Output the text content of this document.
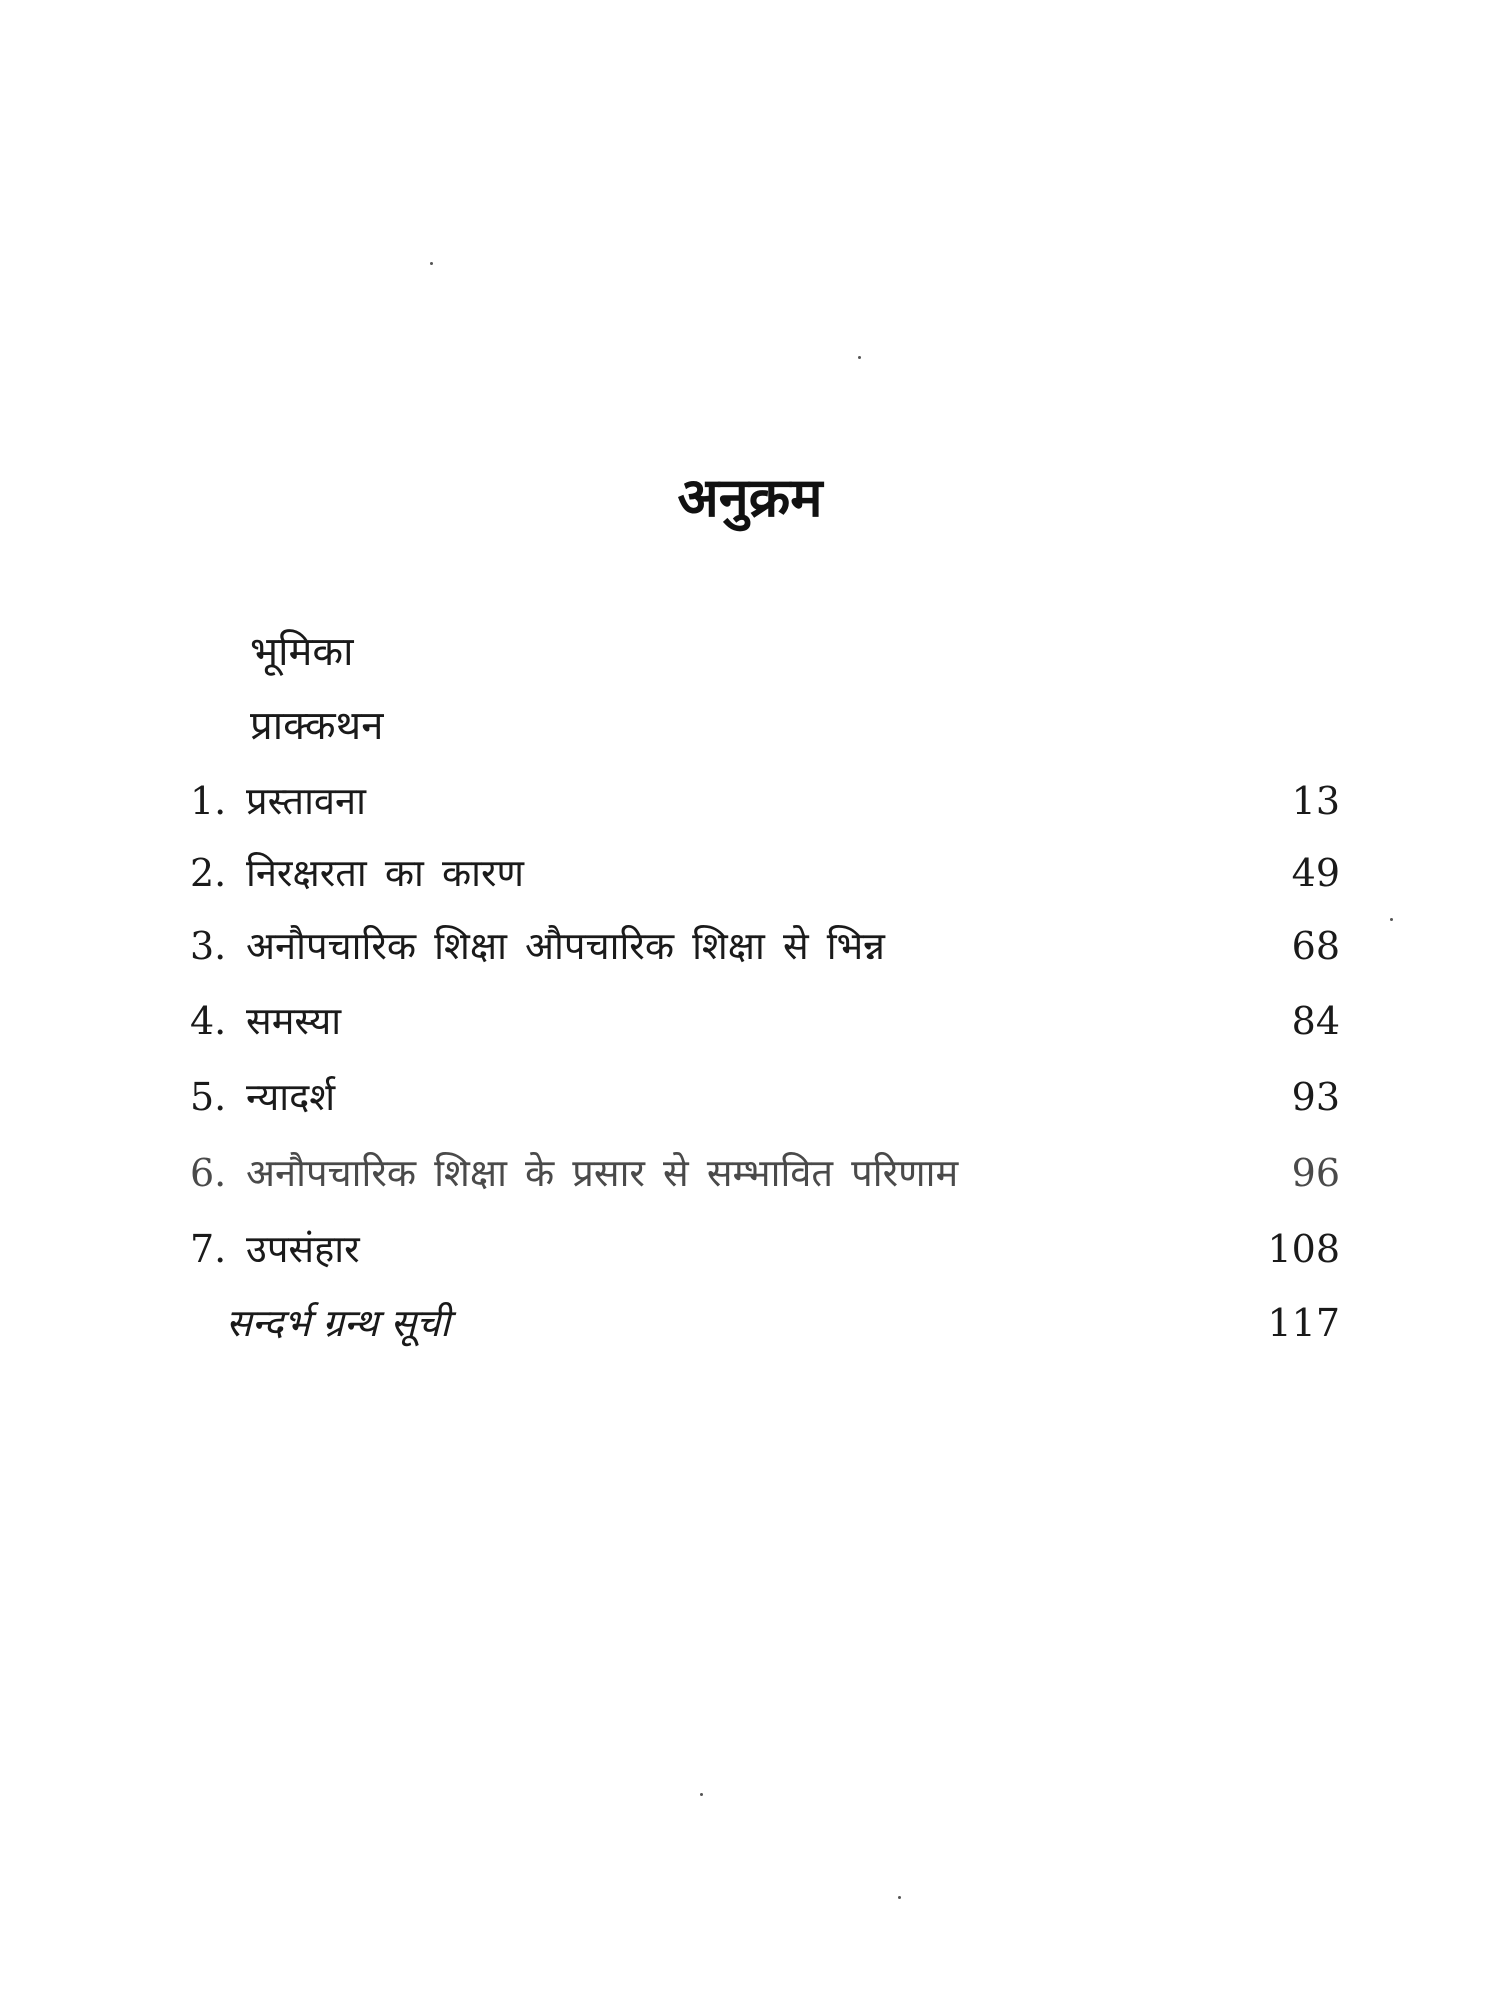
अनुक्रम
भूमिका
प्राक्कथन
1. प्रस्तावना	13
2. निरक्षरता का कारण	49
3. अनौपचारिक शिक्षा औपचारिक शिक्षा से भिन्न	68
4. समस्या	84
5. न्यादर्श	93
6. अनौपचारिक शिक्षा के प्रसार से सम्भावित परिणाम	96
7. उपसंहार	108
सन्दर्भ ग्रन्थ सूची	117
